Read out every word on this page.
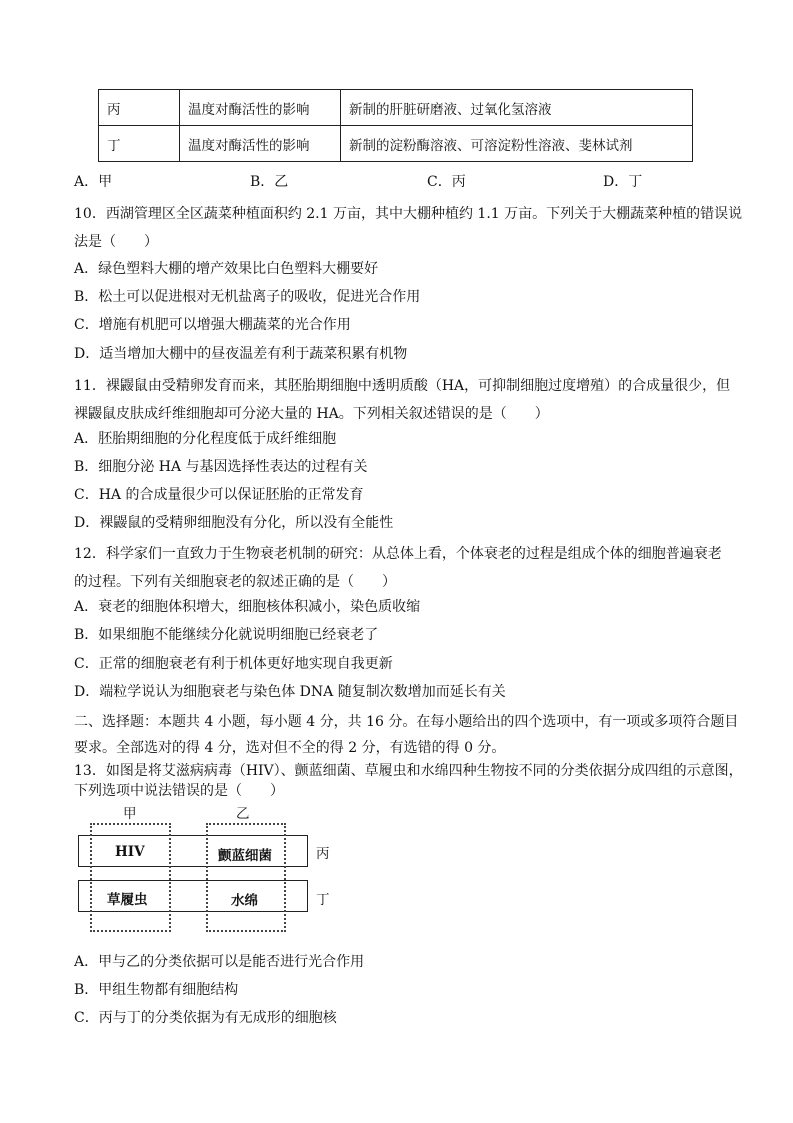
丙	温度对酶活性的影响	新制的肝脏研磨液、过氧化氢溶液
丁	温度对酶活性的影响	新制的淀粉酶溶液、可溶淀粉性溶液、斐林试剂
A．甲	B．乙	C．丙	D．丁
10．西湖管理区全区蔬菜种植面积约 2.1 万亩，其中大棚种植约 1.1 万亩。下列关于大棚蔬菜种植的错误说
法是（　　）
A．绿色塑料大棚的增产效果比白色塑料大棚要好
B．松土可以促进根对无机盐离子的吸收，促进光合作用
C．增施有机肥可以增强大棚蔬菜的光合作用
D．适当增加大棚中的昼夜温差有利于蔬菜积累有机物
11．裸鼹鼠由受精卵发育而来，其胚胎期细胞中透明质酸（HA，可抑制细胞过度增殖）的合成量很少，但
裸鼹鼠皮肤成纤维细胞却可分泌大量的 HA。下列相关叙述错误的是（　　）
A．胚胎期细胞的分化程度低于成纤维细胞
B．细胞分泌 HA 与基因选择性表达的过程有关
C．HA 的合成量很少可以保证胚胎的正常发育
D．裸鼹鼠的受精卵细胞没有分化，所以没有全能性
12．科学家们一直致力于生物衰老机制的研究：从总体上看，个体衰老的过程是组成个体的细胞普遍衰老
的过程。下列有关细胞衰老的叙述正确的是（　　）
A．衰老的细胞体积增大，细胞核体积减小，染色质收缩
B．如果细胞不能继续分化就说明细胞已经衰老了
C．正常的细胞衰老有利于机体更好地实现自我更新
D．端粒学说认为细胞衰老与染色体 DNA 随复制次数增加而延长有关
二、选择题：本题共 4 小题，每小题 4 分，共 16 分。在每小题给出的四个选项中，有一项或多项符合题目
要求。全部选对的得 4 分，选对但不全的得 2 分，有选错的得 0 分。
13．如图是将艾滋病病毒（HIV）、颤蓝细菌、草履虫和水绵四种生物按不同的分类依据分成四组的示意图，
下列选项中说法错误的是（　　）
甲	乙
HIV	颤蓝细菌
草履虫	水绵
丙
丁
A．甲与乙的分类依据可以是能否进行光合作用
B．甲组生物都有细胞结构
C．丙与丁的分类依据为有无成形的细胞核
